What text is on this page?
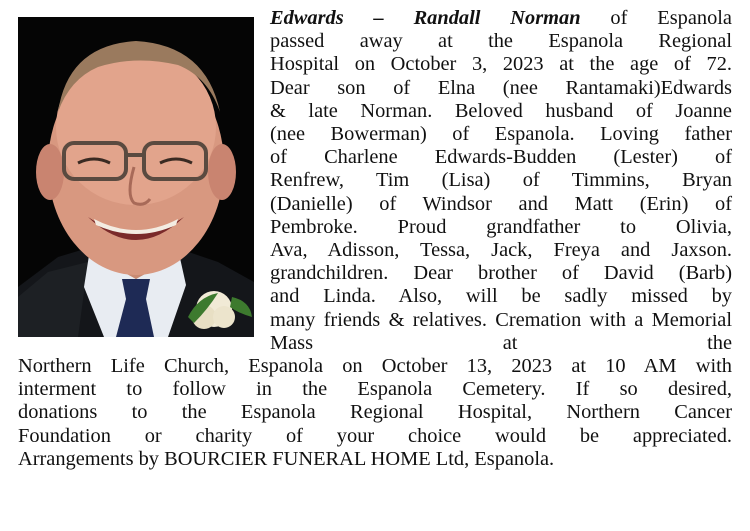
Edwards – Randall Norman of Espanola
passed away at the Espanola Regional
Hospital on October 3, 2023 at the age of 72.
Dear son of Elna (nee Rantamaki)Edwards
& late Norman. Beloved husband of Joanne
(nee Bowerman) of Espanola. Loving father
of Charlene Edwards-Budden (Lester) of
Renfrew, Tim (Lisa) of Timmins, Bryan
(Danielle) of Windsor and Matt (Erin) of
Pembroke. Proud grandfather to Olivia,
Ava, Adisson, Tessa, Jack, Freya and Jaxson.
grandchildren. Dear brother of David (Barb)
and Linda. Also, will be sadly missed by
many friends & relatives. Cremation with a Memorial Mass at the
Northern Life Church, Espanola on October 13, 2023 at 10 AM with
interment to follow in the Espanola Cemetery. If so desired,
donations to the Espanola Regional Hospital, Northern Cancer
Foundation or charity of your choice would be appreciated.
Arrangements by BOURCIER FUNERAL HOME Ltd, Espanola.
